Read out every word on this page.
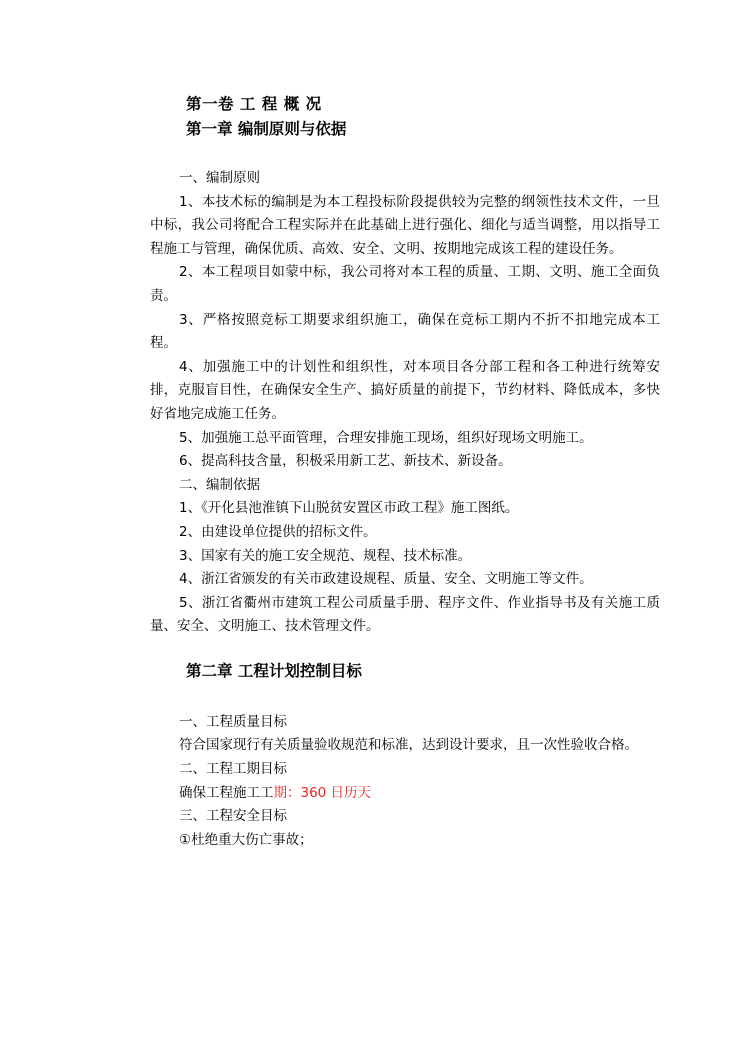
第一卷 工 程 概 况
第一章 编制原则与依据

一、编制原则

1、本技术标的编制是为本工程投标阶段提供较为完整的纲领性技术文件，一旦中标，我公司将配合工程实际并在此基础上进行强化、细化与适当调整，用以指导工程施工与管理，确保优质、高效、安全、文明、按期地完成该工程的建设任务。

2、本工程项目如蒙中标，我公司将对本工程的质量、工期、文明、施工全面负责。

3、严格按照竞标工期要求组织施工，确保在竞标工期内不折不扣地完成本工程。

4、加强施工中的计划性和组织性，对本项目各分部工程和各工种进行统筹安排，克服盲目性，在确保安全生产、搞好质量的前提下，节约材料、降低成本，多快好省地完成施工任务。

5、加强施工总平面管理，合理安排施工现场，组织好现场文明施工。

6、提高科技含量，积极采用新工艺、新技术、新设备。

二、编制依据

1、《开化县池淮镇下山脱贫安置区市政工程》施工图纸。

2、由建设单位提供的招标文件。

3、国家有关的施工安全规范、规程、技术标准。

4、浙江省颁发的有关市政建设规程、质量、安全、文明施工等文件。

5、浙江省衢州市建筑工程公司质量手册、程序文件、作业指导书及有关施工质量、安全、文明施工、技术管理文件。

第二章 工程计划控制目标

一、工程质量目标

符合国家现行有关质量验收规范和标准，达到设计要求，且一次性验收合格。

二、工程工期目标

确保工程施工工期：360 日历天

三、工程安全目标

①杜绝重大伤亡事故；
